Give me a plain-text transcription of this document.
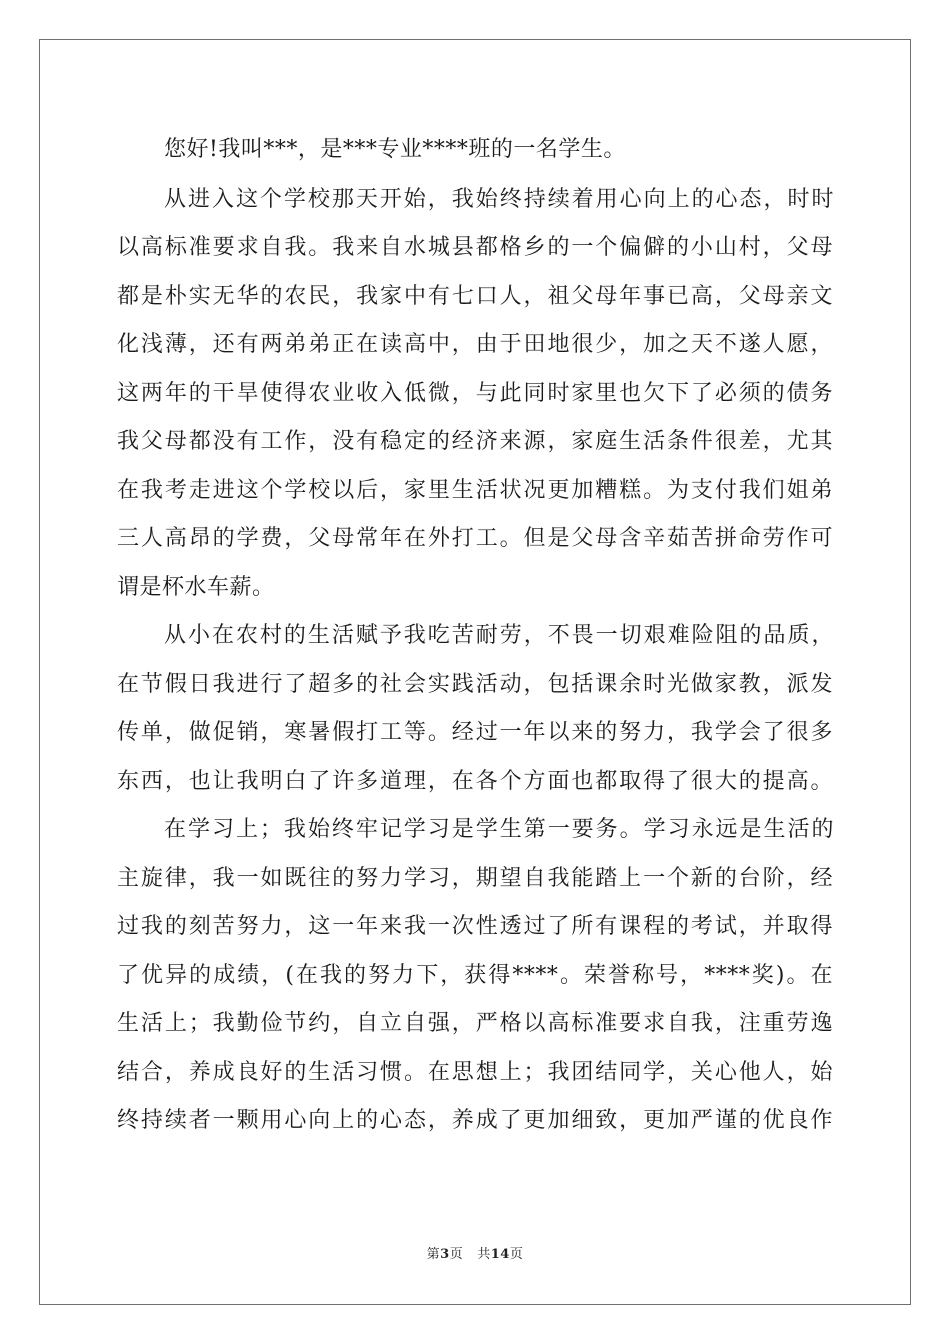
您好!我叫***，是***专业****班的一名学生。
从进入这个学校那天开始，我始终持续着用心向上的心态，时时
以高标准要求自我。我来自水城县都格乡的一个偏僻的小山村，父母
都是朴实无华的农民，我家中有七口人，祖父母年事已高，父母亲文
化浅薄，还有两弟弟正在读高中，由于田地很少，加之天不遂人愿，
这两年的干旱使得农业收入低微，与此同时家里也欠下了必须的债务
我父母都没有工作，没有稳定的经济来源，家庭生活条件很差，尤其
在我考走进这个学校以后，家里生活状况更加糟糕。为支付我们姐弟
三人高昂的学费，父母常年在外打工。但是父母含辛茹苦拼命劳作可
谓是杯水车薪。
从小在农村的生活赋予我吃苦耐劳，不畏一切艰难险阻的品质，
在节假日我进行了超多的社会实践活动，包括课余时光做家教，派发
传单，做促销，寒暑假打工等。经过一年以来的努力，我学会了很多
东西，也让我明白了许多道理，在各个方面也都取得了很大的提高。
在学习上；我始终牢记学习是学生第一要务。学习永远是生活的
主旋律，我一如既往的努力学习，期望自我能踏上一个新的台阶，经
过我的刻苦努力，这一年来我一次性透过了所有课程的考试，并取得
了优异的成绩，(在我的努力下，获得****。荣誉称号，****奖)。在
生活上；我勤俭节约，自立自强，严格以高标准要求自我，注重劳逸
结合，养成良好的生活习惯。在思想上；我团结同学，关心他人，始
终持续者一颗用心向上的心态，养成了更加细致，更加严谨的优良作
第3页 共14页
